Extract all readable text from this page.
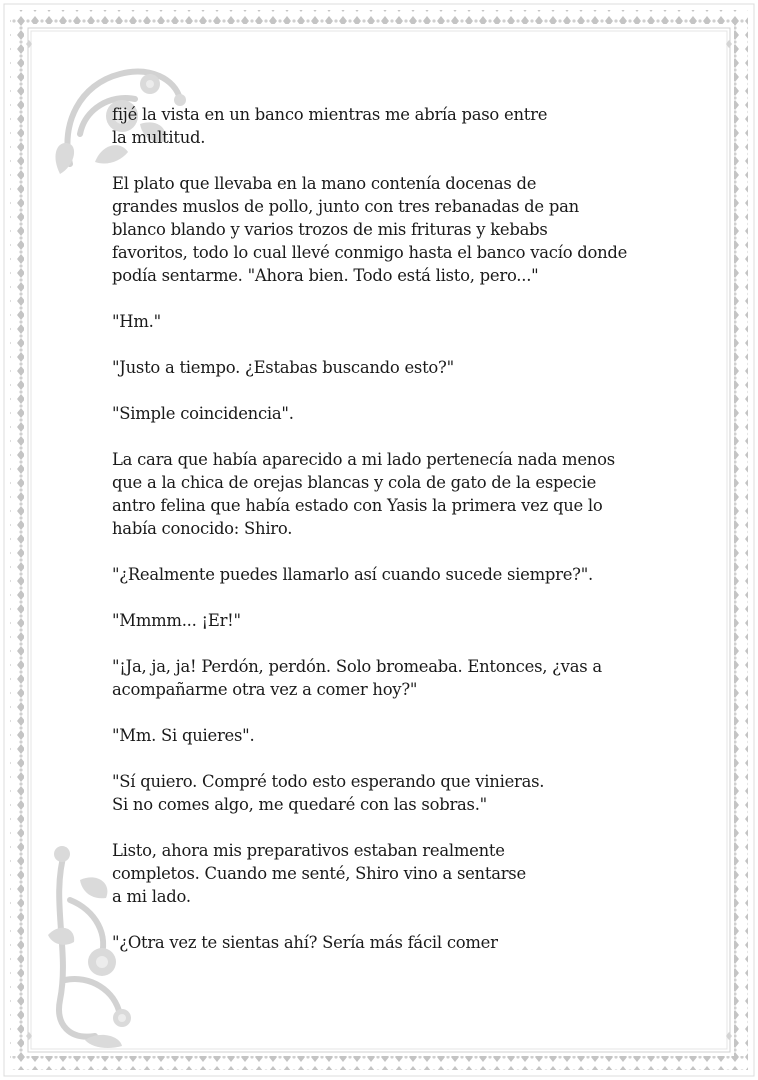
fijé la vista en un banco mientras me abría paso entre
la multitud.

El plato que llevaba en la mano contenía docenas de
grandes muslos de pollo, junto con tres rebanadas de pan
blanco blando y varios trozos de mis frituras y kebabs
favoritos, todo lo cual llevé conmigo hasta el banco vacío donde
podía sentarme. "Ahora bien. Todo está listo, pero..."

"Hm."

"Justo a tiempo. ¿Estabas buscando esto?"

"Simple coincidencia".

La cara que había aparecido a mi lado pertenecía nada menos
que a la chica de orejas blancas y cola de gato de la especie
antro felina que había estado con Yasis la primera vez que lo
había conocido: Shiro.

"¿Realmente puedes llamarlo así cuando sucede siempre?".

"Mmmm... ¡Er!"

"¡Ja, ja, ja! Perdón, perdón. Solo bromeaba. Entonces, ¿vas a
acompañarme otra vez a comer hoy?"

"Mm. Si quieres".

"Sí quiero. Compré todo esto esperando que vinieras.
Si no comes algo, me quedaré con las sobras."

Listo, ahora mis preparativos estaban realmente
completos. Cuando me senté, Shiro vino a sentarse
a mi lado.

"¿Otra vez te sientas ahí? Sería más fácil comer
